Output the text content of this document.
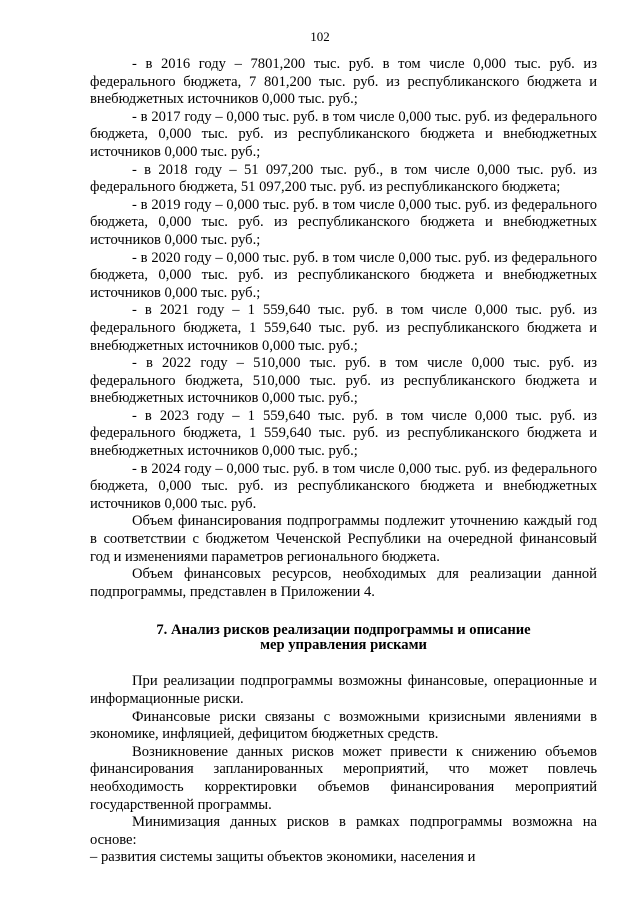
102

- в 2016 году – 7801,200 тыс. руб. в том числе 0,000 тыс. руб. из федерального бюджета, 7 801,200 тыс. руб. из республиканского бюджета и внебюджетных источников 0,000 тыс. руб.;

- в 2017 году – 0,000 тыс. руб. в том числе 0,000 тыс. руб. из федерального бюджета, 0,000 тыс. руб. из республиканского бюджета и внебюджетных источников 0,000 тыс. руб.;

- в 2018 году – 51 097,200 тыс. руб., в том числе 0,000 тыс. руб. из федерального бюджета, 51 097,200 тыс. руб. из республиканского бюджета;

- в 2019 году – 0,000 тыс. руб. в том числе 0,000 тыс. руб. из федерального бюджета, 0,000 тыс. руб. из республиканского бюджета и внебюджетных источников 0,000 тыс. руб.;

- в 2020 году – 0,000 тыс. руб. в том числе 0,000 тыс. руб. из федерального бюджета, 0,000 тыс. руб. из республиканского бюджета и внебюджетных источников 0,000 тыс. руб.;

- в 2021 году – 1 559,640 тыс. руб. в том числе 0,000 тыс. руб. из федерального бюджета, 1 559,640 тыс. руб. из республиканского бюджета и внебюджетных источников 0,000 тыс. руб.;

- в 2022 году – 510,000 тыс. руб. в том числе 0,000 тыс. руб. из федерального бюджета, 510,000 тыс. руб. из республиканского бюджета и внебюджетных источников 0,000 тыс. руб.;

- в 2023 году – 1 559,640 тыс. руб. в том числе 0,000 тыс. руб. из федерального бюджета, 1 559,640 тыс. руб. из республиканского бюджета и внебюджетных источников 0,000 тыс. руб.;

- в 2024 году – 0,000 тыс. руб. в том числе 0,000 тыс. руб. из федерального бюджета, 0,000 тыс. руб. из республиканского бюджета и внебюджетных источников 0,000 тыс. руб.

Объем финансирования подпрограммы подлежит уточнению каждый год в соответствии с бюджетом Чеченской Республики на очередной финансовый год и изменениями параметров регионального бюджета.

Объем финансовых ресурсов, необходимых для реализации данной подпрограммы, представлен в Приложении 4.

7. Анализ рисков реализации подпрограммы и описание
мер управления рисками

При реализации подпрограммы возможны финансовые, операционные и информационные риски.

Финансовые риски связаны с возможными кризисными явлениями в экономике, инфляцией, дефицитом бюджетных средств.

Возникновение данных рисков может привести к снижению объемов финансирования запланированных мероприятий, что может повлечь необходимость корректировки объемов финансирования мероприятий государственной программы.

Минимизация данных рисков в рамках подпрограммы возможна на основе:

– развития системы защиты объектов экономики, населения и
